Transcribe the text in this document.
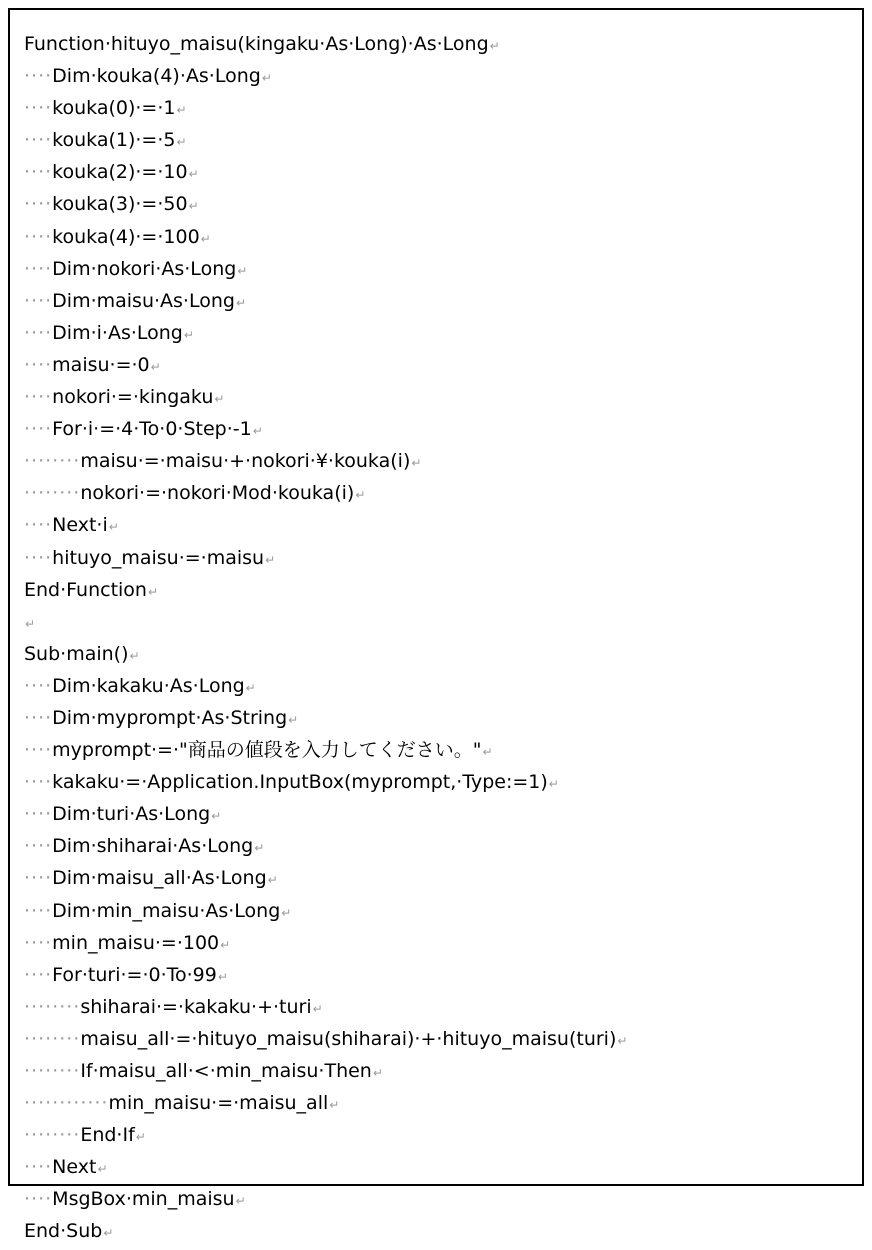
Function·hituyo_maisu(kingaku·As·Long)·As·Long↵
····Dim·kouka(4)·As·Long↵
····kouka(0)·=·1↵
····kouka(1)·=·5↵
····kouka(2)·=·10↵
····kouka(3)·=·50↵
····kouka(4)·=·100↵
····Dim·nokori·As·Long↵
····Dim·maisu·As·Long↵
····Dim·i·As·Long↵
····maisu·=·0↵
····nokori·=·kingaku↵
····For·i·=·4·To·0·Step·-1↵
········maisu·=·maisu·+·nokori·¥·kouka(i)↵
········nokori·=·nokori·Mod·kouka(i)↵
····Next·i↵
····hituyo_maisu·=·maisu↵
End·Function↵
↵
Sub·main()↵
····Dim·kakaku·As·Long↵
····Dim·myprompt·As·String↵
····myprompt·=·"商品の値段を入力してください。"↵
····kakaku·=·Application.InputBox(myprompt,·Type:=1)↵
····Dim·turi·As·Long↵
····Dim·shiharai·As·Long↵
····Dim·maisu_all·As·Long↵
····Dim·min_maisu·As·Long↵
····min_maisu·=·100↵
····For·turi·=·0·To·99↵
········shiharai·=·kakaku·+·turi↵
········maisu_all·=·hituyo_maisu(shiharai)·+·hituyo_maisu(turi)↵
········If·maisu_all·<·min_maisu·Then↵
············min_maisu·=·maisu_all↵
········End·If↵
····Next↵
····MsgBox·min_maisu↵
End·Sub↵
